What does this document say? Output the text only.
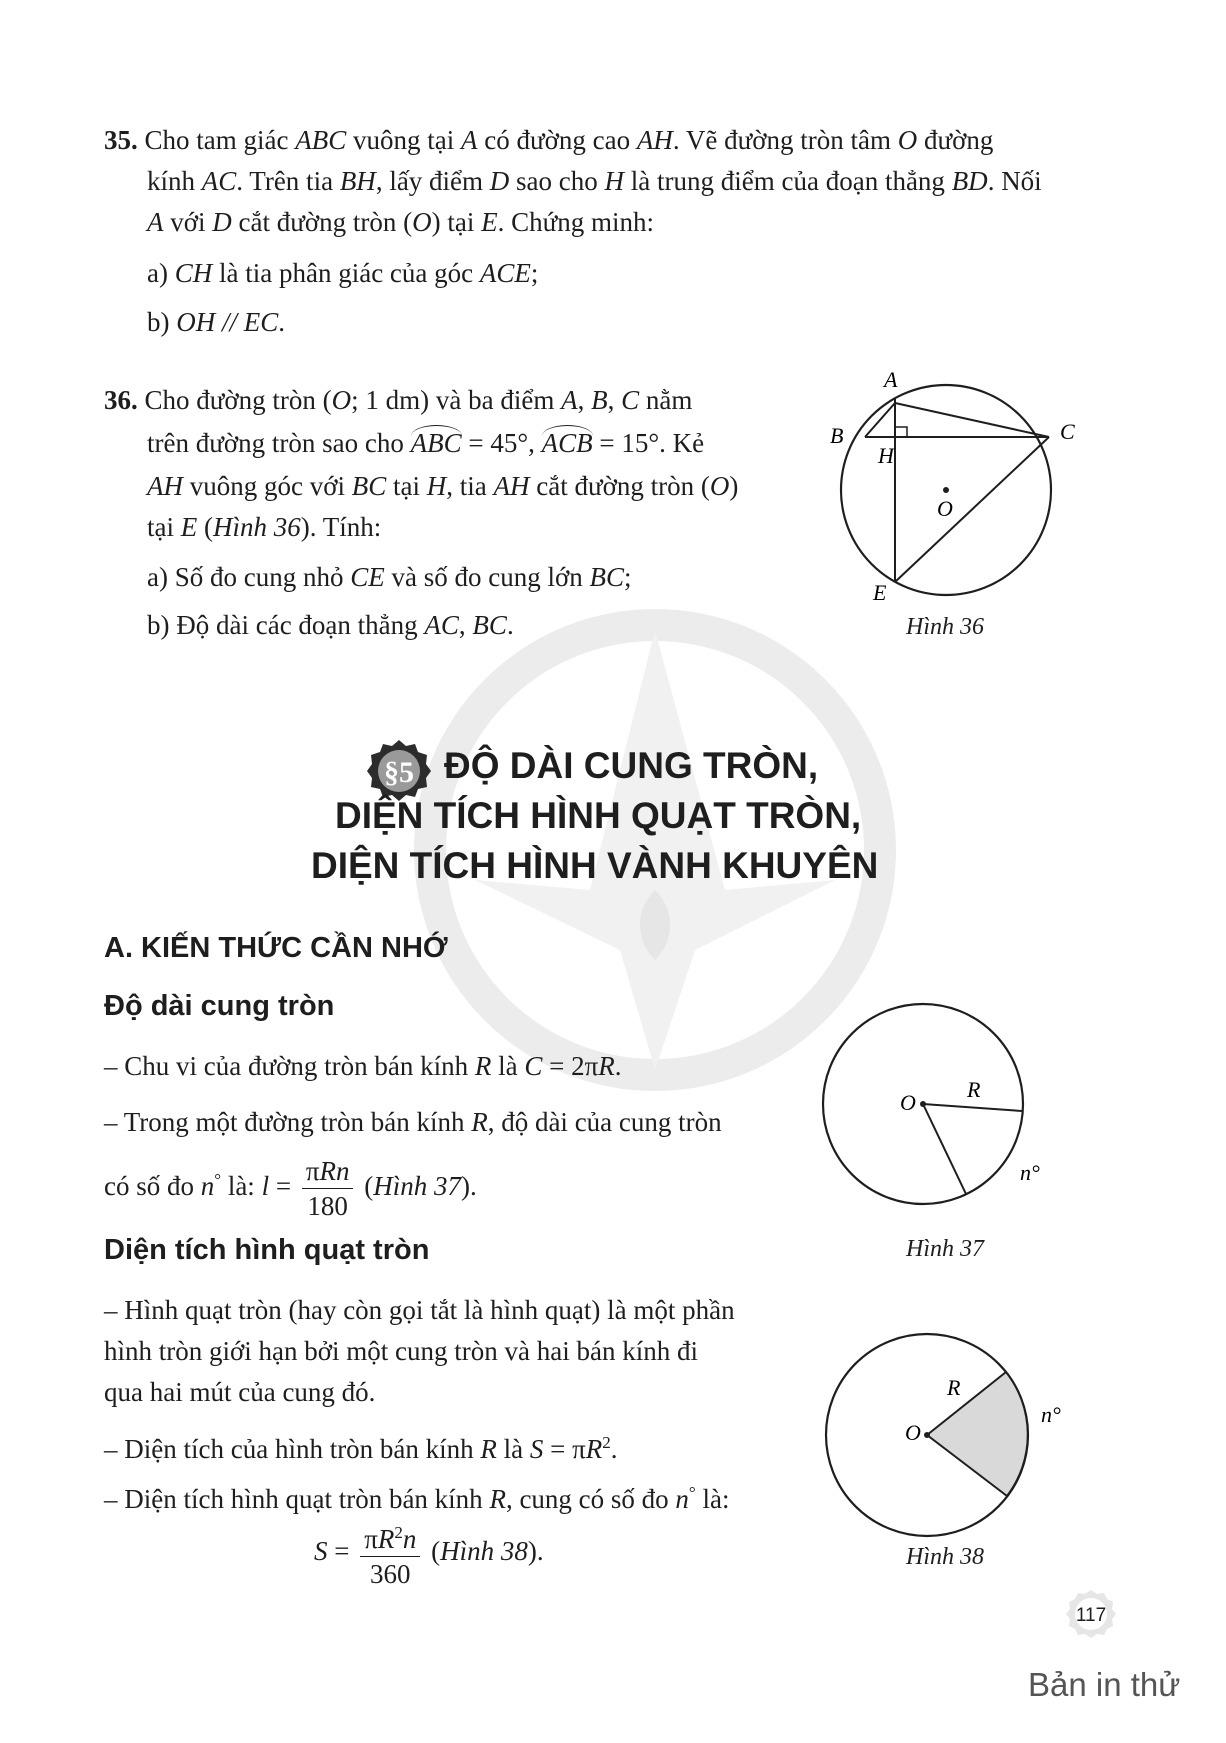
35. Cho tam giác ABC vuông tại A có đường cao AH. Vẽ đường tròn tâm O đường
kính AC. Trên tia BH, lấy điểm D sao cho H là trung điểm của đoạn thẳng BD. Nối
A với D cắt đường tròn (O) tại E. Chứng minh:
a) CH là tia phân giác của góc ACE;
b) OH // EC.
36. Cho đường tròn (O; 1 dm) và ba điểm A, B, C nằm
trên đường tròn sao cho ABC = 45°, ACB = 15°. Kẻ
AH vuông góc với BC tại H, tia AH cắt đường tròn (O)
tại E (Hình 36). Tính:
a) Số đo cung nhỏ CE và số đo cung lớn BC;
b) Độ dài các đoạn thẳng AC, BC.
A
B	C
H
O
E
Hình 36
§5 ĐỘ DÀI CUNG TRÒN,
DIỆN TÍCH HÌNH QUẠT TRÒN,
DIỆN TÍCH HÌNH VÀNH KHUYÊN
A. KIẾN THỨC CẦN NHỚ
Độ dài cung tròn
– Chu vi của đường tròn bán kính R là C = 2πR.
– Trong một đường tròn bán kính R, độ dài của cung tròn
có số đo n° là: $l = \frac{\text{πRn}}{180}$ (Hình 37).
O
R
n°
Hình 37
Diện tích hình quạt tròn
– Hình quạt tròn (hay còn gọi tắt là hình quạt) là một phần
hình tròn giới hạn bởi một cung tròn và hai bán kính đi
qua hai mút của cung đó.
– Diện tích của hình tròn bán kính R là $S = \pi R^2$.
– Diện tích hình quạt tròn bán kính R, cung có số đo n° là:
$S = \frac{\pi R^2n}{360}$ (Hình 38).
O
R
n°
Hình 38
117
Bản in thử
